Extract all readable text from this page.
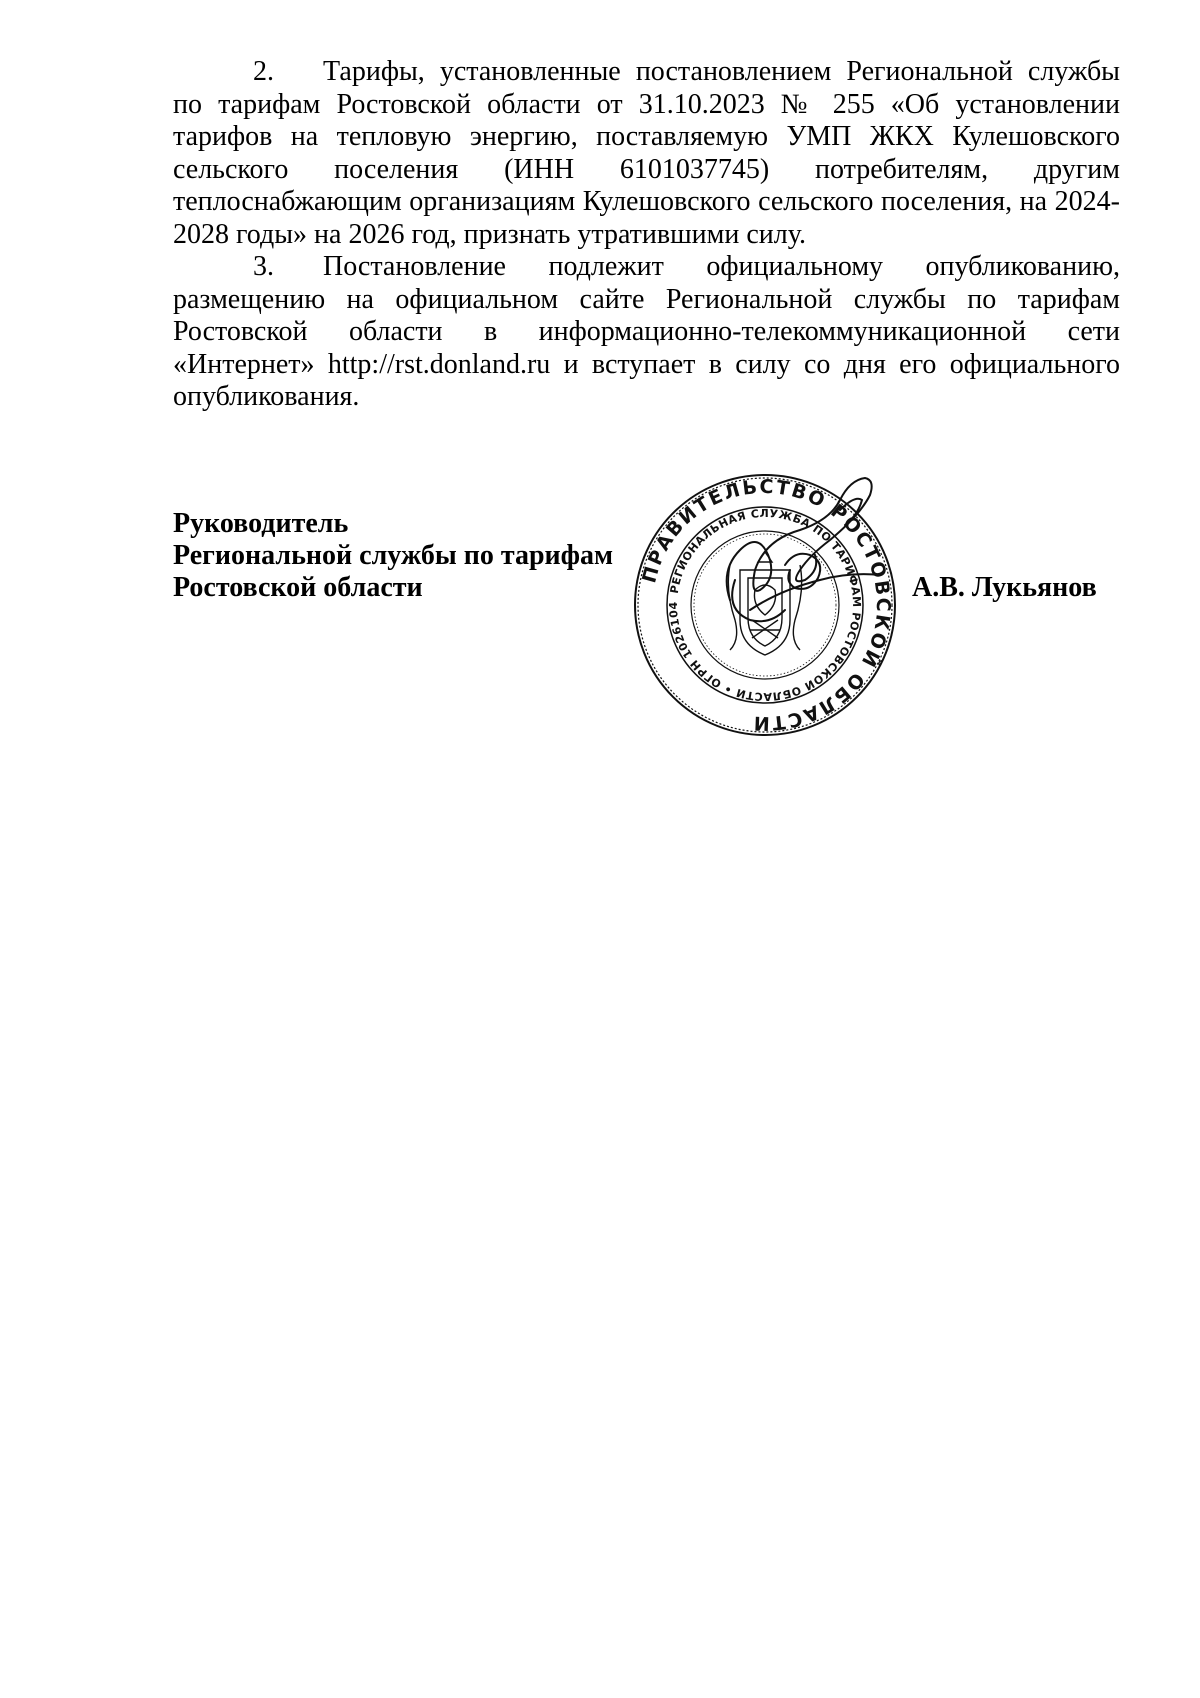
2. Тарифы, установленные постановлением Региональной службы по тарифам Ростовской области от 31.10.2023 № 255 «Об установлении тарифов на тепловую энергию, поставляемую УМП ЖКХ Кулешовского сельского поселения (ИНН 6101037745) потребителям, другим теплоснабжающим организациям Кулешовского сельского поселения, на 2024-2028 годы» на 2026 год, признать утратившими силу.

3. Постановление подлежит официальному опубликованию, размещению на официальном сайте Региональной службы по тарифам Ростовской области в информационно-телекоммуникационной сети «Интернет» http://rst.donland.ru и вступает в силу со дня его официального опубликования.

Руководитель
Региональной службы по тарифам
Ростовской области	ПРАВИТЕЛЬСТВО РОСТОВСКОЙ ОБЛАСТИ
РЕГИОНАЛЬНАЯ СЛУЖБА ПО ТАРИФАМ РОСТОВСКОЙ ОБЛАСТИ • ОГРН 1026104
А.В. Лукьянов
